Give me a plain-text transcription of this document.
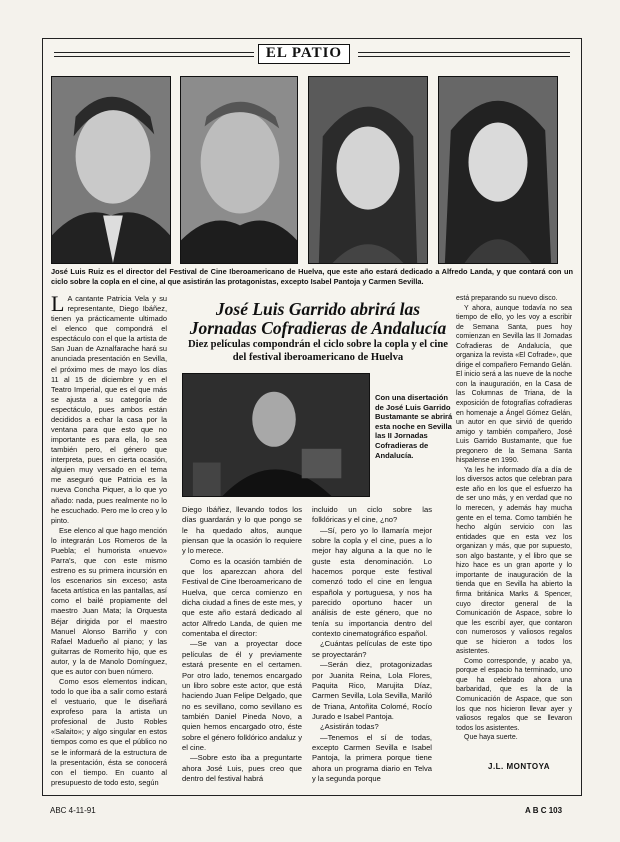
EL PATIO
José Luis Ruiz es el director del Festival de Cine Iberoamericano de Huelva, que este año estará dedicado a Alfredo Landa, y que contará con un ciclo sobre la copla en el cine, al que asistirán las protagonistas, excepto Isabel Pantoja y Carmen Sevilla.

L A cantante Patricia Vela y su representante, Diego Ibáñez, tienen ya prácticamente ultimado el elenco que compondrá el espectáculo con el que la artista de San Juan de Aznalfarache hará su anunciada presentación en Sevilla, el próximo mes de mayo los días 11 al 15 de diciembre y en el Teatro Imperial, que es el que más se ajusta a su categoría de espectáculo, pues ambos están decididos a echar la casa por la ventana para que esto que no importante es para ella, lo sea también pero, el género que interpreta, pues en cierta ocasión, alguien muy versado en el tema me aseguró que Patricia es la nueva Concha Piquer, a lo que yo añado: nada, pues realmente no lo he escuchado. Pero me lo creo y lo pinto.

Ese elenco al que hago mención lo integrarán Los Romeros de la Puebla; el humorista «nuevo» Parra's, que con este mismo estreno es su primera incursión en los escenarios sin exceso; asta faceta artística en las pantallas, así como el bailé propiamente del maestro Juan Mata; la Orquesta Béjar dirigida por el maestro Manuel Alonso Barriño y con Rafael Madueño al piano; y las guitarras de Romerito hijo, que es autor, y la de Manolo Domínguez, que es autor con buen número.

Como esos elementos indican, todo lo que iba a salir como estará el vestuario, que le diseñará exprofeso para la artista un profesional de Justo Robles «Salaito»; y algo singular en estos tiempos como es que el público no se le informará de la estructura de la presentación, ésta se conocerá con el tiempo. En cuanto al presupuesto de todo esto, según

José Luis Garrido abrirá las Jornadas Cofradieras de Andalucía
Diez películas compondrán el ciclo sobre la copla y el cine del festival iberoamericano de Huelva
Con una disertación de José Luis Garrido Bustamante se abrirá esta noche en Sevilla las II Jornadas Cofradieras de Andalucía.

Diego Ibáñez, llevando todos los días guardarán y lo que pongo se le ha quedado altos, aunque piensan que la ocasión lo requiere y lo merece.

Como es la ocasión también de que los aparezcan ahora del Festival de Cine Iberoamericano de Huelva, que cerca comienzo en dicha ciudad a fines de este mes, y que este año estará dedicado al actor Alfredo Landa, de quien me comentaba el director:

—Se van a proyectar doce películas de él y previamente estará presente en el certamen. Por otro lado, tenemos encargado un libro sobre este actor, que está haciendo Juan Felipe Delgado, que no es sevillano, como sevillano es también Daniel Pineda Novo, a quien hemos encargado otro, éste sobre el género folklórico andaluz y el cine.

—Sobre esto iba a preguntarte ahora José Luis, pues creo que dentro del festival habrá

incluido un ciclo sobre las folklóricas y el cine, ¿no?

—Sí, pero yo lo llamaría mejor sobre la copla y el cine, pues a lo mejor hay alguna a la que no le guste esta denominación. Lo hacemos porque este festival comenzó todo el cine en lengua española y portuguesa, y nos ha parecido oportuno hacer un análisis de este género, que no tenía su importancia dentro del contexto cinematográfico español.

¿Cuántas películas de este tipo se proyectarán?

—Serán diez, protagonizadas por Juanita Reina, Lola Flores, Paquita Rico, Marujita Díaz, Carmen Sevilla, Lola Sevilla, Mariló de Triana, Antoñita Colomé, Rocío Jurado e Isabel Pantoja.

¿Asistirán todas?

—Tenemos el sí de todas, excepto Carmen Sevilla e Isabel Pantoja, la primera porque tiene ahora un programa diario en Telva y la segunda porque

está preparando su nuevo disco.

Y ahora, aunque todavía no sea tiempo de ello, yo les voy a escribir de Semana Santa, pues hoy comienzan en Sevilla las II Jornadas Cofradieras de Andalucía, que organiza la revista «El Cofrade», que dirige el compañero Fernando Gelán. El inicio será a las nueve de la noche con la inauguración, en la Casa de las Columnas de Triana, de la exposición de fotografías cofradieras en homenaje a Ángel Gómez Gelán, un autor en que sirvió de querido amigo y también compañero, José Luis Garrido Bustamante, que fue pregonero de la Semana Santa hispalense en 1990.

Ya les he informado día a día de los diversos actos que celebran para este año en los que el esfuerzo ha de ser uno más, y en verdad que no lo merecen, y además hay mucha gente en el tema. Como también he hecho algún servicio con las entidades que en esta vez los organizan y más, que por supuesto, son algo bastante, y el libro que se hizo hace es un gran aporte y lo importante de inauguración de la tienda que en Sevilla ha abierto la firma británica Marks & Spencer, cuyo director general de la Comunicación de Aspace, sobre lo que les escribí ayer, que contaron con numerosos y valiosos regalos que se hicieron a todos los asistentes.

Como corresponde, y acabo ya, porque el espacio ha terminado, uno que ha celebrado ahora una barbaridad, que es la de la Comunicación de Aspace, que son los que nos hicieron llevar ayer y valiosos regalos que se llevaron todos los asistentes.

Que haya suerte.

J.L. MONTOYA
ABC 4-11-91	A B C 103
